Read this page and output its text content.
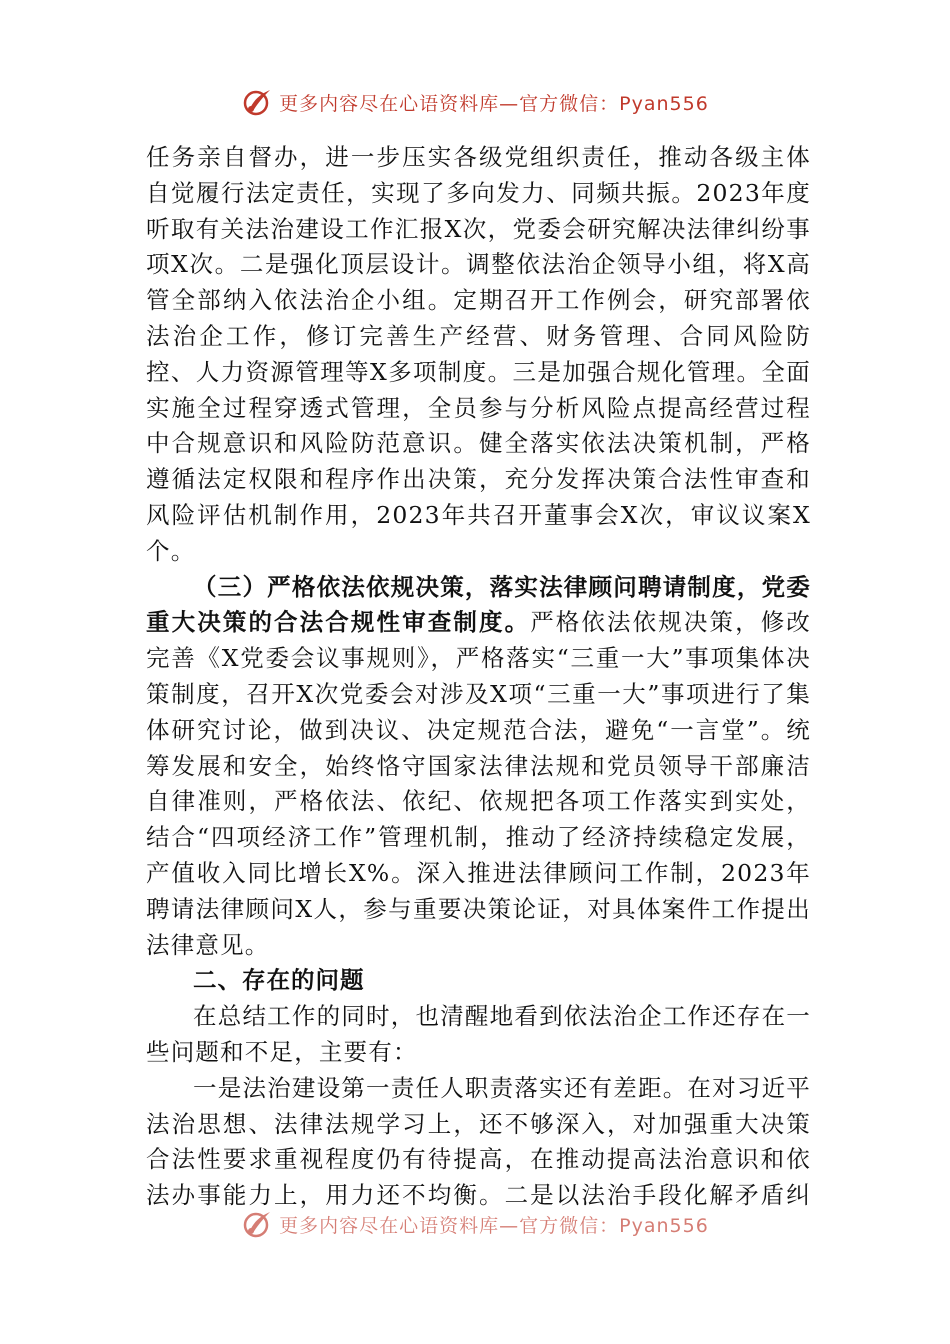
更多内容尽在心语资料库—官方微信：Pyan556

任务亲自督办，进一步压实各级党组织责任，推动各级主体自觉履行法定责任，实现了多向发力、同频共振。2023年度听取有关法治建设工作汇报X次，党委会研究解决法律纠纷事项X次。二是强化顶层设计。调整依法治企领导小组，将X高管全部纳入依法治企小组。定期召开工作例会，研究部署依法治企工作，修订完善生产经营、财务管理、合同风险防控、人力资源管理等X多项制度。三是加强合规化管理。全面实施全过程穿透式管理，全员参与分析风险点提高经营过程中合规意识和风险防范意识。健全落实依法决策机制，严格遵循法定权限和程序作出决策，充分发挥决策合法性审查和风险评估机制作用，2023年共召开董事会X次，审议议案X个。

（三）严格依法依规决策，落实法律顾问聘请制度，党委重大决策的合法合规性审查制度。严格依法依规决策，修改完善《X党委会议事规则》，严格落实“三重一大”事项集体决策制度，召开X次党委会对涉及X项“三重一大”事项进行了集体研究讨论，做到决议、决定规范合法，避免“一言堂”。统筹发展和安全，始终恪守国家法律法规和党员领导干部廉洁自律准则，严格依法、依纪、依规把各项工作落实到实处，结合“四项经济工作”管理机制，推动了经济持续稳定发展，产值收入同比增长X%。深入推进法律顾问工作制，2023年聘请法律顾问X人，参与重要决策论证，对具体案件工作提出法律意见。

二、存在的问题

在总结工作的同时，也清醒地看到依法治企工作还存在一些问题和不足，主要有：

一是法治建设第一责任人职责落实还有差距。在对习近平法治思想、法律法规学习上，还不够深入，对加强重大决策合法性要求重视程度仍有待提高，在推动提高法治意识和依法办事能力上，用力还不均衡。二是以法治手段化解矛盾纠

更多内容尽在心语资料库—官方微信：Pyan556
